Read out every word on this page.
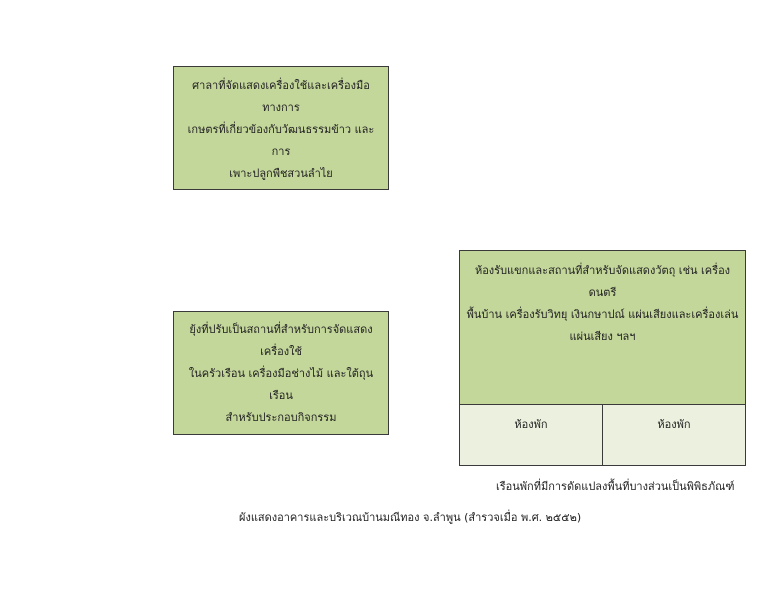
ศาลาที่จัดแสดงเครื่องใช้และเครื่องมือทางการ
เกษตรที่เกี่ยวข้องกับวัฒนธรรมข้าว และการ
เพาะปลูกพืชสวนลำไย
ยุ้งที่ปรับเป็นสถานที่สำหรับการจัดแสดงเครื่องใช้
ในครัวเรือน เครื่องมือช่างไม้ และใต้ถุนเรือน
สำหรับประกอบกิจกรรม
ห้องรับแขกและสถานที่สำหรับจัดแสดงวัตถุ เช่น เครื่องดนตรี
พื้นบ้าน เครื่องรับวิทยุ เงินกษาปณ์ แผ่นเสียงและเครื่องเล่น
แผ่นเสียง ฯลฯ
ห้องพัก	ห้องพัก
เรือนพักที่มีการดัดแปลงพื้นที่บางส่วนเป็นพิพิธภัณฑ์
ผังแสดงอาคารและบริเวณบ้านมณีทอง จ.ลำพูน (สำรวจเมื่อ พ.ศ. ๒๕๕๒)
